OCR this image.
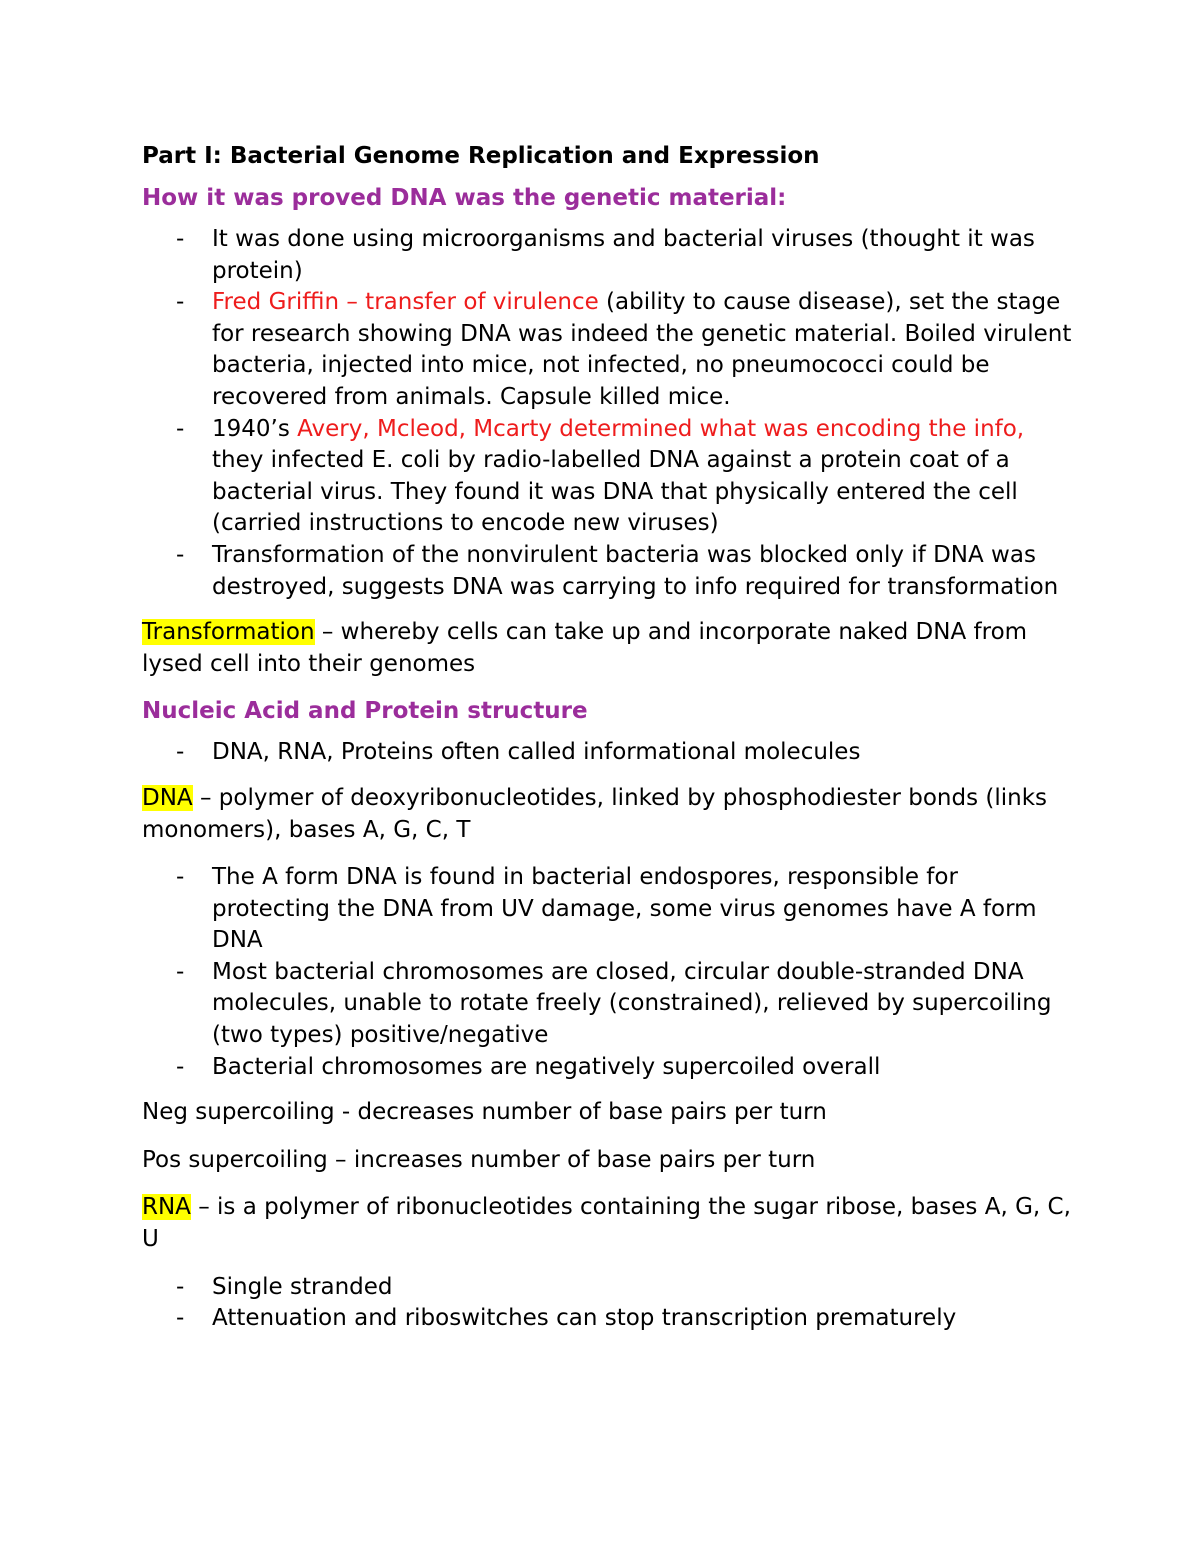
Part I: Bacterial Genome Replication and Expression
How it was proved DNA was the genetic material:
- It was done using microorganisms and bacterial viruses (thought it was protein)
- Fred Griffin – transfer of virulence (ability to cause disease), set the stage for research showing DNA was indeed the genetic material. Boiled virulent bacteria, injected into mice, not infected, no pneumococci could be recovered from animals. Capsule killed mice.
- 1940’s Avery, Mcleod, Mcarty determined what was encoding the info, they infected E. coli by radio-labelled DNA against a protein coat of a bacterial virus. They found it was DNA that physically entered the cell (carried instructions to encode new viruses)
- Transformation of the nonvirulent bacteria was blocked only if DNA was destroyed, suggests DNA was carrying to info required for transformation

Transformation – whereby cells can take up and incorporate naked DNA from lysed cell into their genomes

Nucleic Acid and Protein structure
- DNA, RNA, Proteins often called informational molecules

DNA – polymer of deoxyribonucleotides, linked by phosphodiester bonds (links monomers), bases A, G, C, T

- The A form DNA is found in bacterial endospores, responsible for protecting the DNA from UV damage, some virus genomes have A form DNA
- Most bacterial chromosomes are closed, circular double-stranded DNA molecules, unable to rotate freely (constrained), relieved by supercoiling (two types) positive/negative
- Bacterial chromosomes are negatively supercoiled overall

Neg supercoiling - decreases number of base pairs per turn

Pos supercoiling – increases number of base pairs per turn

RNA – is a polymer of ribonucleotides containing the sugar ribose, bases A, G, C, U

- Single stranded
- Attenuation and riboswitches can stop transcription prematurely
